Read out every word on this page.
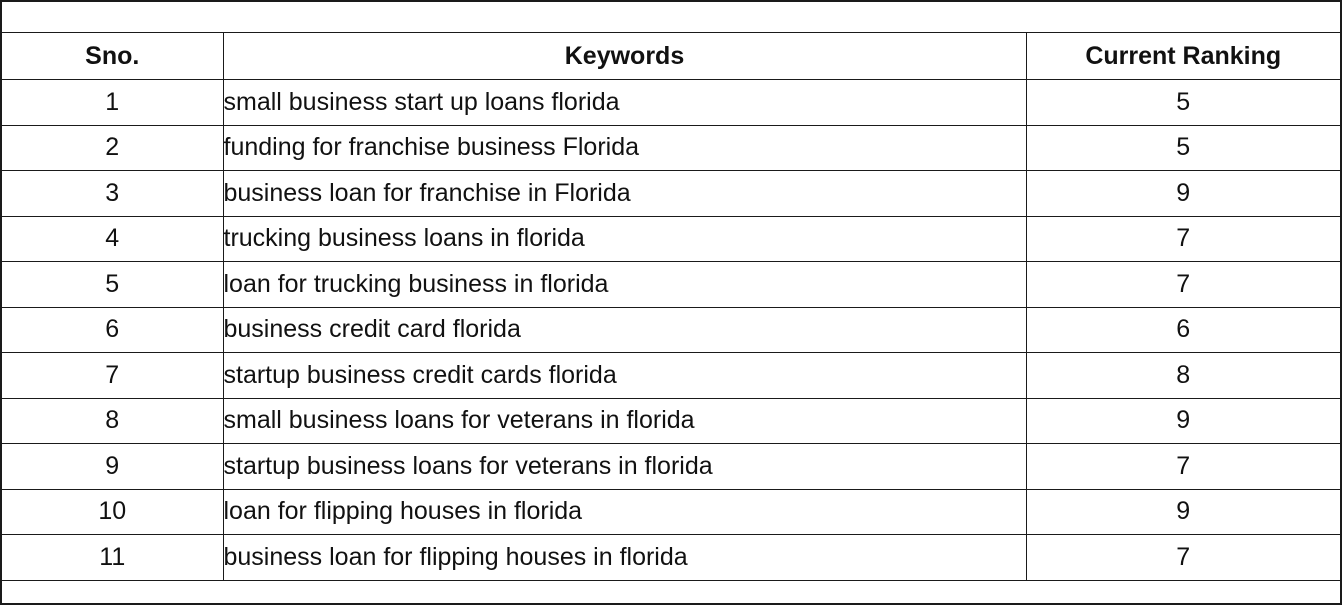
Sno.	Keywords	Current Ranking
1	small business start up loans florida	5
2	funding for franchise business Florida	5
3	business loan for franchise in Florida	9
4	trucking business loans in florida	7
5	loan for trucking business in florida	7
6	business credit card florida	6
7	startup business credit cards florida	8
8	small business loans for veterans in florida	9
9	startup business loans for veterans in florida	7
10	loan for flipping houses in florida	9
11	business loan for flipping houses in florida	7
